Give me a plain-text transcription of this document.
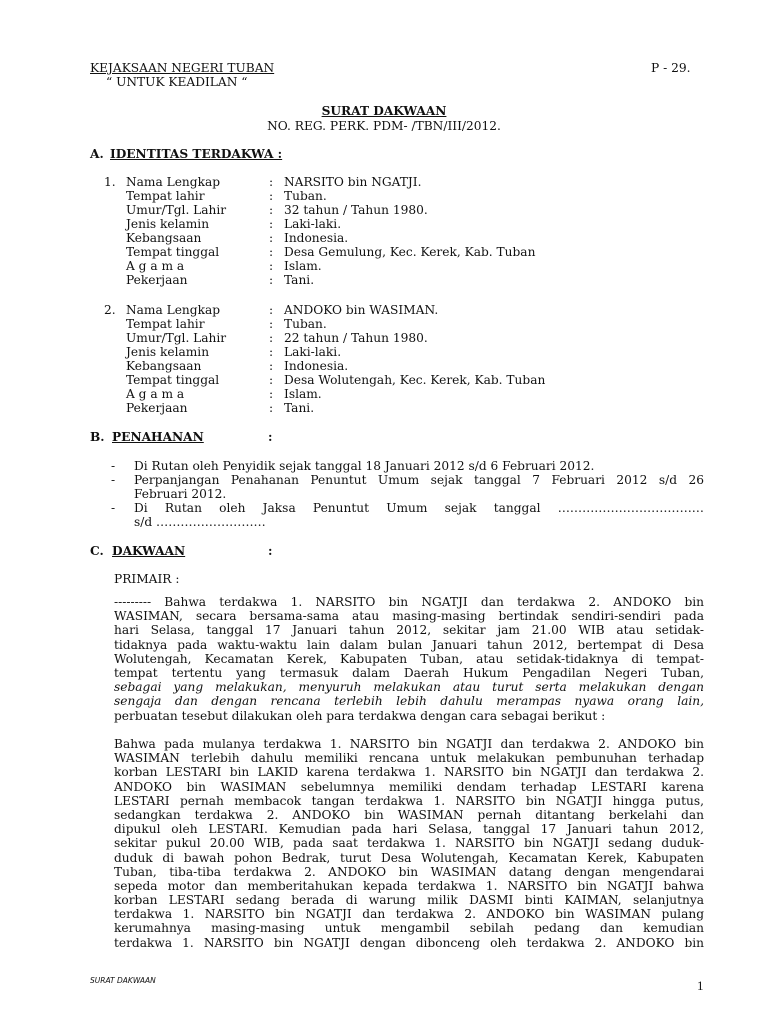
KEJAKSAAN NEGERI TUBAN
“ UNTUK KEADILAN “
P - 29.
SURAT DAKWAAN
NO. REG. PERK. PDM- /TBN/III/2012.
A. IDENTITAS TERDAKWA :
1. Nama Lengkap	: NARSITO bin NGATJI.
Tempat lahir	: Tuban.
Umur/Tgl. Lahir	: 32 tahun / Tahun 1980.
Jenis kelamin	: Laki-laki.
Kebangsaan	: Indonesia.
Tempat tinggal	: Desa Gemulung, Kec. Kerek, Kab. Tuban
A g a m a	: Islam.
Pekerjaan	: Tani.
2. Nama Lengkap	: ANDOKO bin WASIMAN.
Tempat lahir	: Tuban.
Umur/Tgl. Lahir	: 22 tahun / Tahun 1980.
Jenis kelamin	: Laki-laki.
Kebangsaan	: Indonesia.
Tempat tinggal	: Desa Wolutengah, Kec. Kerek, Kab. Tuban
A g a m a	: Islam.
Pekerjaan	: Tani.
B. PENAHANAN	:
- Di Rutan oleh Penyidik sejak tanggal 18 Januari 2012 s/d 6 Februari 2012.
- Perpanjangan Penahanan Penuntut Umum sejak tanggal 7 Februari 2012 s/d 26
Februari 2012.
- Di Rutan oleh Jaksa Penuntut Umum sejak tanggal ………………………………
s/d ………………………
C. DAKWAAN	:
PRIMAIR :
--------- Bahwa terdakwa 1. NARSITO bin NGATJI dan terdakwa 2. ANDOKO bin
WASIMAN, secara bersama-sama atau masing-masing bertindak sendiri-sendiri pada
hari Selasa, tanggal 17 Januari tahun 2012, sekitar jam 21.00 WIB atau setidak-
tidaknya pada waktu-waktu lain dalam bulan Januari tahun 2012, bertempat di Desa
Wolutengah, Kecamatan Kerek, Kabupaten Tuban, atau setidak-tidaknya di tempat-
tempat tertentu yang termasuk dalam Daerah Hukum Pengadilan Negeri Tuban,
sebagai yang melakukan, menyuruh melakukan atau turut serta melakukan dengan
sengaja dan dengan rencana terlebih lebih dahulu merampas nyawa orang lain,
perbuatan tesebut dilakukan oleh para terdakwa dengan cara sebagai berikut :
Bahwa pada mulanya terdakwa 1. NARSITO bin NGATJI dan terdakwa 2. ANDOKO bin
WASIMAN terlebih dahulu memiliki rencana untuk melakukan pembunuhan terhadap
korban LESTARI bin LAKID karena terdakwa 1. NARSITO bin NGATJI dan terdakwa 2.
ANDOKO bin WASIMAN sebelumnya memiliki dendam terhadap LESTARI karena
LESTARI pernah membacok tangan terdakwa 1. NARSITO bin NGATJI hingga putus,
sedangkan terdakwa 2. ANDOKO bin WASIMAN pernah ditantang berkelahi dan
dipukul oleh LESTARI. Kemudian pada hari Selasa, tanggal 17 Januari tahun 2012,
sekitar pukul 20.00 WIB, pada saat terdakwa 1. NARSITO bin NGATJI sedang duduk-
duduk di bawah pohon Bedrak, turut Desa Wolutengah, Kecamatan Kerek, Kabupaten
Tuban, tiba-tiba terdakwa 2. ANDOKO bin WASIMAN datang dengan mengendarai
sepeda motor dan memberitahukan kepada terdakwa 1. NARSITO bin NGATJI bahwa
korban LESTARI sedang berada di warung milik DASMI binti KAIMAN, selanjutnya
terdakwa 1. NARSITO bin NGATJI dan terdakwa 2. ANDOKO bin WASIMAN pulang
kerumahnya masing-masing untuk mengambil sebilah pedang dan kemudian
terdakwa 1. NARSITO bin NGATJI dengan dibonceng oleh terdakwa 2. ANDOKO bin
SURAT DAKWAAN	1
